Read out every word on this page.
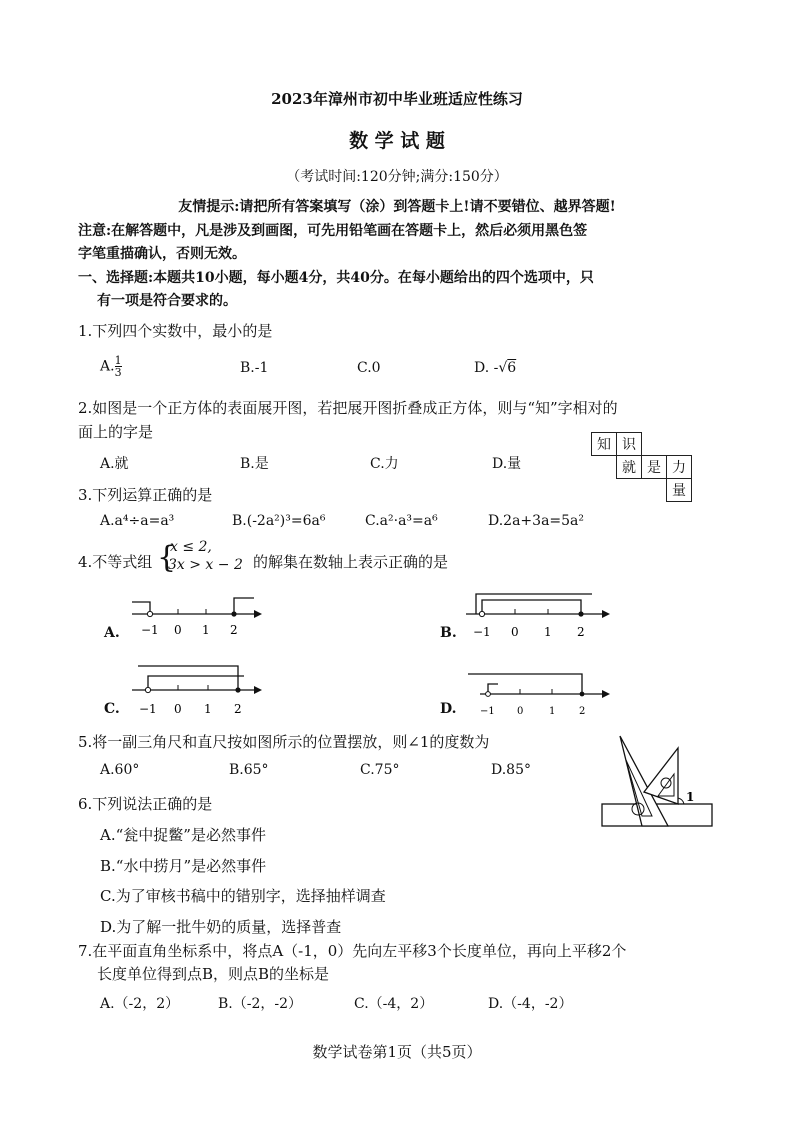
2023年漳州市初中毕业班适应性练习
数 学 试 题
（考试时间:120分钟;满分:150分）
友情提示:请把所有答案填写（涂）到答题卡上!请不要错位、越界答题!
注意:在解答题中，凡是涉及到画图，可先用铅笔画在答题卡上，然后必须用黑色签
字笔重描确认，否则无效。
一、选择题:本题共10小题，每小题4分，共40分。在每小题给出的四个选项中，只
有一项是符合要求的。
1.下列四个实数中，最小的是
A. $\frac{1}{3}$	B.-1	C.0	D. -√6
2.如图是一个正方体的表面展开图，若把展开图折叠成正方体，则与“知”字相对的
面上的字是
A.就	B.是	C.力	D.量
知	识		
	就	是	力
			量
3.下列运算正确的是
A.a⁴÷a=a³	B.(-2a²)³=6a⁶	C.a²·a³=a⁶	D.2a+3a=5a²
4.不等式组 {
x ≤ 2,
3x > x − 2 的解集在数轴上表示正确的是
A. −1 0 1 2	B. −1 0 1 2
C. −1 0 1 2	D. −1 0	1 2
5.将一副三角尺和直尺按如图所示的位置摆放，则∠1的度数为
A.60°	B.65°	C.75°	D.85°
1
6.下列说法正确的是
A.“瓮中捉鳖”是必然事件
B.“水中捞月”是必然事件
C.为了审核书稿中的错别字，选择抽样调查
D.为了解一批牛奶的质量，选择普查
7.在平面直角坐标系中，将点A（-1，0）先向左平移3个长度单位，再向上平移2个
长度单位得到点B，则点B的坐标是
A.（-2，2）	B.（-2，-2）	C.（-4，2）	D.（-4，-2）
数学试卷第1页（共5页）
